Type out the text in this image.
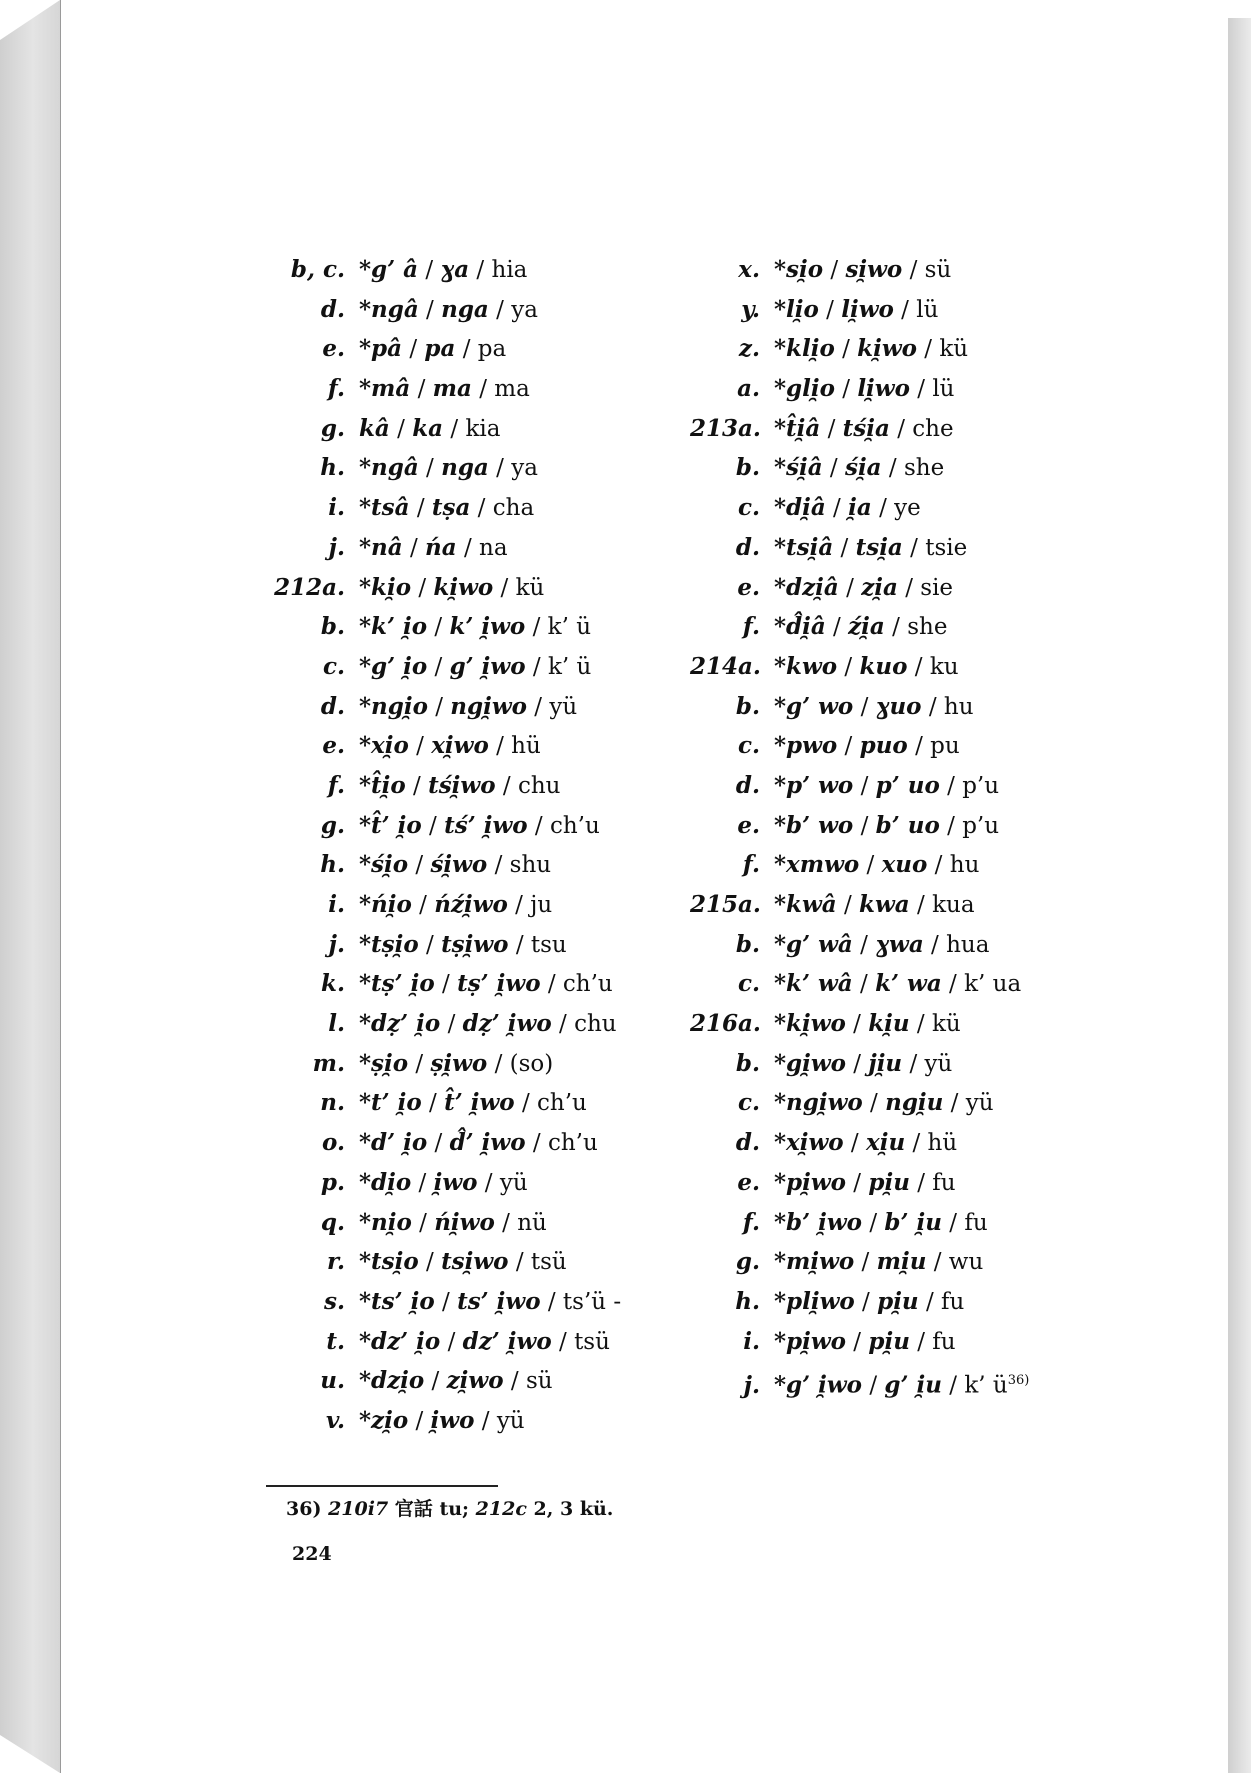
b, c. *g’ â / ɣa / hia
d. *ngâ / nga / ya
e. *pâ / pa / pa
f. *mâ / ma / ma
g. kâ / ka / kia
h. *ngâ / nga / ya
i. *tsâ / tṣa / cha
j. *nâ / ńa / na
212a. *ki̯o / ki̯wo / kü
b. *k’ i̯o / k’ i̯wo / k’ ü
c. *g’ i̯o / g’ i̯wo / k’ ü
d. *ngi̯o / ngi̯wo / yü
e. *xi̯o / xi̯wo / hü
f. *t̂i̯o / tśi̯wo / chu
g. *t̂’ i̯o / tś’ i̯wo / ch’u
h. *śi̯o / śi̯wo / shu
i. *ńi̯o / ńźi̯wo / ju
j. *tṣi̯o / tṣi̯wo / tsu
k. *tṣ’ i̯o / tṣ’ i̯wo / ch’u
l. *dẓ’ i̯o / dẓ’ i̯wo / chu
m. *ṣi̯o / ṣi̯wo / (so)
n. *t’ i̯o / t̂’ i̯wo / ch’u
o. *d’ i̯o / d̂’ i̯wo / ch’u
p. *di̯o / i̯wo / yü
q. *ni̯o / ńi̯wo / nü
r. *tsi̯o / tsi̯wo / tsü
s. *ts’ i̯o / ts’ i̯wo / ts’ü -
t. *dz’ i̯o / dz’ i̯wo / tsü
u. *dzi̯o / zi̯wo / sü
v. *zi̯o / i̯wo / yü
x. *si̯o / si̯wo / sü
y. *li̯o / li̯wo / lü
z. *kli̯o / ki̯wo / kü
a. *gli̯o / li̯wo / lü
213a. *t̂i̯â / tśi̯a / che
b. *śi̯â / śi̯a / she
c. *di̯â / i̯a / ye
d. *tsi̯â / tsi̯a / tsie
e. *dzi̯â / zi̯a / sie
f. *d̂i̯â / źi̯a / she
214a. *kwo / kuo / ku
b. *g’ wo / ɣuo / hu
c. *pwo / puo / pu
d. *p’ wo / p’ uo / p’u
e. *b’ wo / b’ uo / p’u
f. *xmwo / xuo / hu
215a. *kwâ / kwa / kua
b. *g’ wâ / ɣwa / hua
c. *k’ wâ / k’ wa / k’ ua
216a. *ki̯wo / ki̯u / kü
b. *gi̯wo / ji̯u / yü
c. *ngi̯wo / ngi̯u / yü
d. *xi̯wo / xi̯u / hü
e. *pi̯wo / pi̯u / fu
f. *b’ i̯wo / b’ i̯u / fu
g. *mi̯wo / mi̯u / wu
h. *pli̯wo / pi̯u / fu
i. *pi̯wo / pi̯u / fu
j. *g’ i̯wo / g’ i̯u / k’ $ü^{36)}$
36) 210i7 官話 tu; 212c 2, 3 kü.
224
